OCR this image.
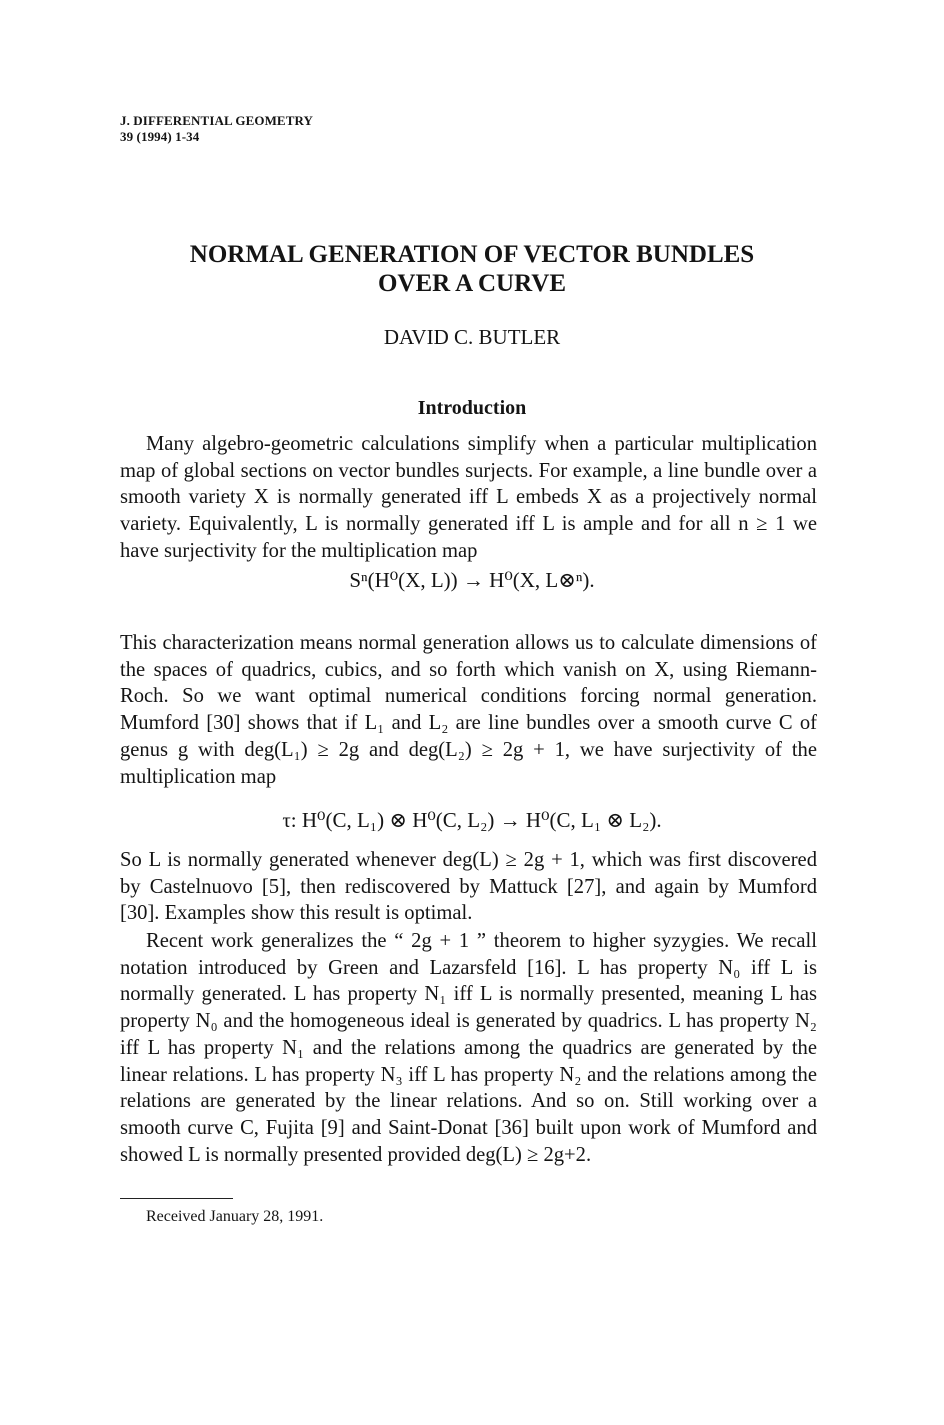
J. DIFFERENTIAL GEOMETRY
39 (1994) 1-34
NORMAL GENERATION OF VECTOR BUNDLES
OVER A CURVE
DAVID C. BUTLER
Introduction

Many algebro-geometric calculations simplify when a particular multiplication map of global sections on vector bundles surjects. For example, a line bundle over a smooth variety X is normally generated iff L embeds X as a projectively normal variety. Equivalently, L is normally generated iff L is ample and for all n ≥ 1 we have surjectivity for the multiplication map

Sⁿ(H⁰(X, L)) → H⁰(X, L⊗ⁿ).

This characterization means normal generation allows us to calculate dimensions of the spaces of quadrics, cubics, and so forth which vanish on X, using Riemann-Roch. So we want optimal numerical conditions forcing normal generation. Mumford [30] shows that if L₁ and L₂ are line bundles over a smooth curve C of genus g with deg(L₁) ≥ 2g and deg(L₂) ≥ 2g + 1, we have surjectivity of the multiplication map

τ: H⁰(C, L₁) ⊗ H⁰(C, L₂) → H⁰(C, L₁ ⊗ L₂).

So L is normally generated whenever deg(L) ≥ 2g + 1, which was first discovered by Castelnuovo [5], then rediscovered by Mattuck [27], and again by Mumford [30]. Examples show this result is optimal.

Recent work generalizes the “ 2g + 1 ” theorem to higher syzygies. We recall notation introduced by Green and Lazarsfeld [16]. L has property N₀ iff L is normally generated. L has property N₁ iff L is normally presented, meaning L has property N₀ and the homogeneous ideal is generated by quadrics. L has property N₂ iff L has property N₁ and the relations among the quadrics are generated by the linear relations. L has property N₃ iff L has property N₂ and the relations among the relations are generated by the linear relations. And so on. Still working over a smooth curve C, Fujita [9] and Saint-Donat [36] built upon work of Mumford and showed L is normally presented provided deg(L) ≥ 2g+2.

Received January 28, 1991.
